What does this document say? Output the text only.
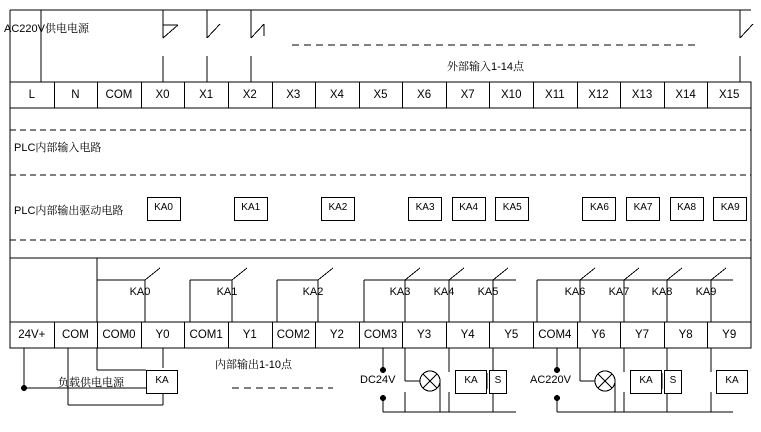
AC220V供电电源
外部输入1-14点
L	N	COM	X0	X1	X2	X3	X4	X5	X6	X7	X10	X11	X12	X13	X14	X15
24V+	COM	COM0	Y0	COM1	Y1	COM2	Y2	COM3	Y3	Y4	Y5	COM4	Y6	Y7	Y8	Y9
PLC内部输入电路
PLC内部输出驱动电路	KA0	KA1	KA2	KA3	KA4	KA5	KA6	KA7	KA8	KA9
KA0	KA1	KA2	KA3	KA4	KA5	KA6	KA7	KA8	KA9
负载供电电源
内部输出1-10点
DC24V	AC220V
KA	KA	S	KA	S	KA
